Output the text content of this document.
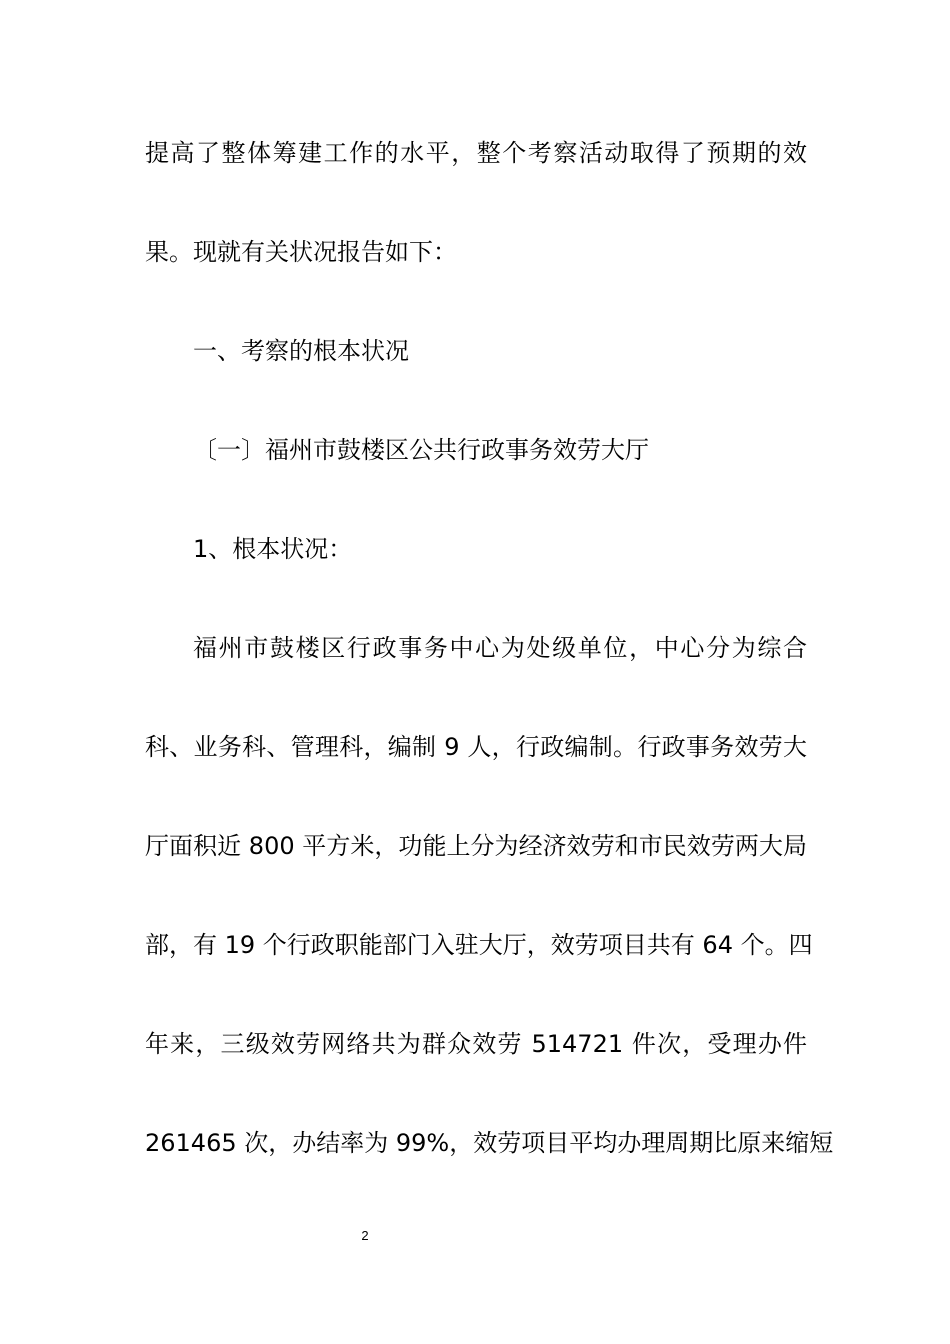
提高了整体筹建工作的水平，整个考察活动取得了预期的效
果。现就有关状况报告如下：
一、考察的根本状况
〔一〕福州市鼓楼区公共行政事务效劳大厅
1、根本状况：
福州市鼓楼区行政事务中心为处级单位，中心分为综合
科、业务科、管理科，编制 9 人，行政编制。行政事务效劳大
厅面积近 800 平方米，功能上分为经济效劳和市民效劳两大局
部，有 19 个行政职能部门入驻大厅，效劳项目共有 64 个。四
年来，三级效劳网络共为群众效劳 514721 件次，受理办件
261465 次，办结率为 99%，效劳项目平均办理周期比原来缩短
2
